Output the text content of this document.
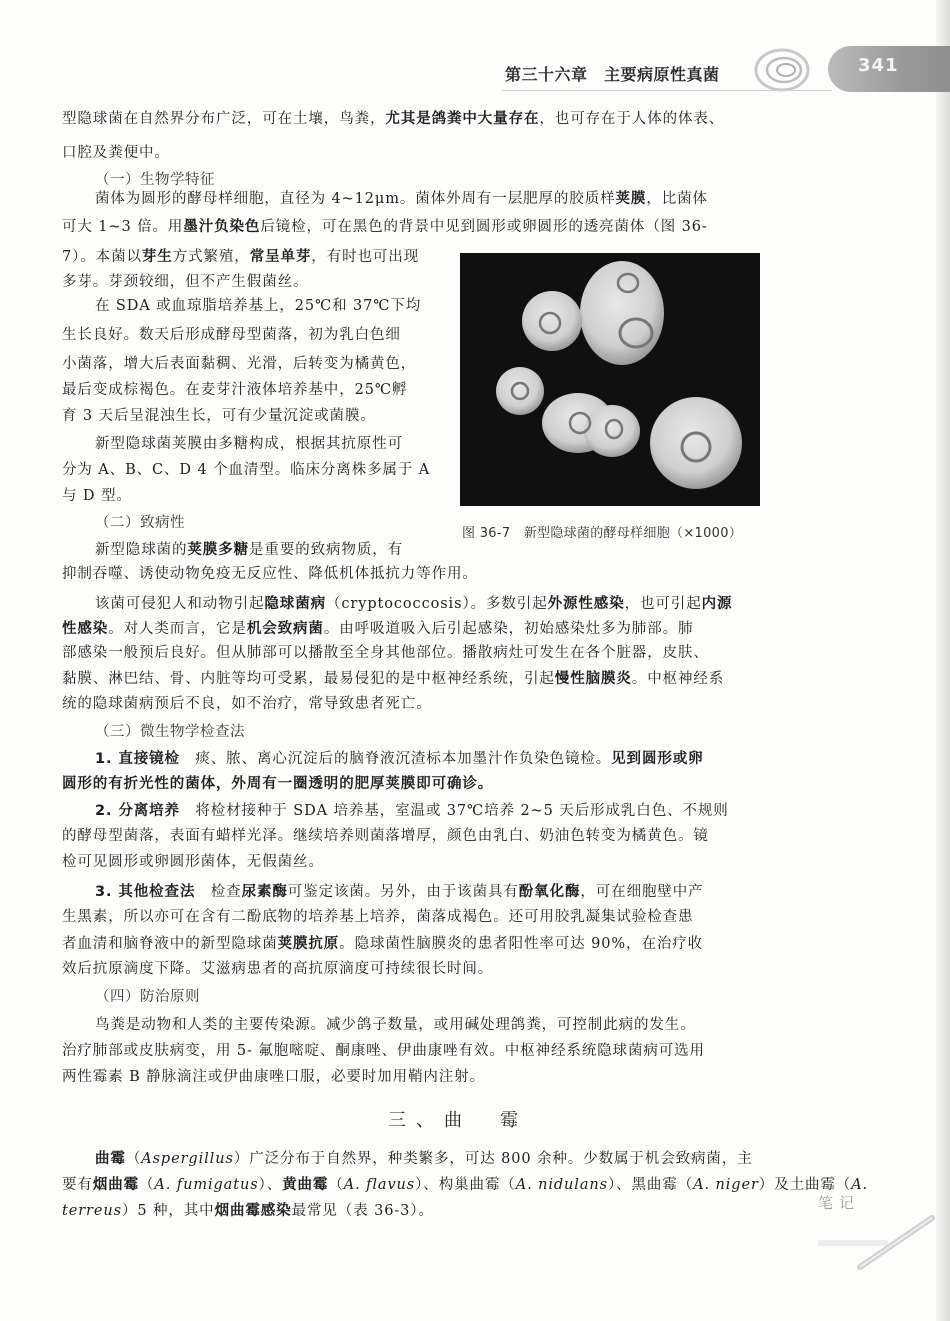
第三十六章　主要病原性真菌	341
型隐球菌在自然界分布广泛，可在土壤，鸟粪，尤其是鸽粪中大量存在，也可存在于人体的体表、
口腔及粪便中。
（一）生物学特征
菌体为圆形的酵母样细胞，直径为 4~12μm。菌体外周有一层肥厚的胶质样荚膜，比菌体
可大 1~3 倍。用墨汁负染色后镜检，可在黑色的背景中见到圆形或卵圆形的透亮菌体（图 36-
7）。本菌以芽生方式繁殖，常呈单芽，有时也可出现
多芽。芽颈较细，但不产生假菌丝。
在 SDA 或血琼脂培养基上，25℃和 37℃下均
生长良好。数天后形成酵母型菌落，初为乳白色细
小菌落，增大后表面黏稠、光滑，后转变为橘黄色，
最后变成棕褐色。在麦芽汁液体培养基中，25℃孵
育 3 天后呈混浊生长，可有少量沉淀或菌膜。
新型隐球菌荚膜由多糖构成，根据其抗原性可
分为 A、B、C、D 4 个血清型。临床分离株多属于 A
与 D 型。
（二）致病性
新型隐球菌的荚膜多糖是重要的致病物质，有
抑制吞噬、诱使动物免疫无反应性、降低机体抵抗力等作用。
图 36-7　新型隐球菌的酵母样细胞（×1000）
该菌可侵犯人和动物引起隐球菌病（cryptococcosis）。多数引起外源性感染，也可引起内源
性感染。对人类而言，它是机会致病菌。由呼吸道吸入后引起感染，初始感染灶多为肺部。肺
部感染一般预后良好。但从肺部可以播散至全身其他部位。播散病灶可发生在各个脏器，皮肤、
黏膜、淋巴结、骨、内脏等均可受累，最易侵犯的是中枢神经系统，引起慢性脑膜炎。中枢神经系
统的隐球菌病预后不良，如不治疗，常导致患者死亡。
（三）微生物学检查法
1. 直接镜检　痰、脓、离心沉淀后的脑脊液沉渣标本加墨汁作负染色镜检。见到圆形或卵
圆形的有折光性的菌体，外周有一圈透明的肥厚荚膜即可确诊。
2. 分离培养　将检材接种于 SDA 培养基，室温或 37℃培养 2~5 天后形成乳白色、不规则
的酵母型菌落，表面有蜡样光泽。继续培养则菌落增厚，颜色由乳白、奶油色转变为橘黄色。镜
检可见圆形或卵圆形菌体，无假菌丝。
3. 其他检查法　检查尿素酶可鉴定该菌。另外，由于该菌具有酚氧化酶，可在细胞壁中产
生黑素，所以亦可在含有二酚底物的培养基上培养，菌落成褐色。还可用胶乳凝集试验检查患
者血清和脑脊液中的新型隐球菌荚膜抗原。隐球菌性脑膜炎的患者阳性率可达 90%，在治疗收
效后抗原滴度下降。艾滋病患者的高抗原滴度可持续很长时间。
（四）防治原则
鸟粪是动物和人类的主要传染源。减少鸽子数量，或用碱处理鸽粪，可控制此病的发生。
治疗肺部或皮肤病变，用 5- 氟胞嘧啶、酮康唑、伊曲康唑有效。中枢神经系统隐球菌病可选用
两性霉素 B 静脉滴注或伊曲康唑口服，必要时加用鞘内注射。
三、曲　霉
曲霉（Aspergillus）广泛分布于自然界，种类繁多，可达 800 余种。少数属于机会致病菌，主
要有烟曲霉（A. fumigatus）、黄曲霉（A. flavus）、构巢曲霉（A. nidulans）、黑曲霉（A. niger）及土曲霉（A.
terreus）5 种，其中烟曲霉感染最常见（表 36-3）。	笔记
